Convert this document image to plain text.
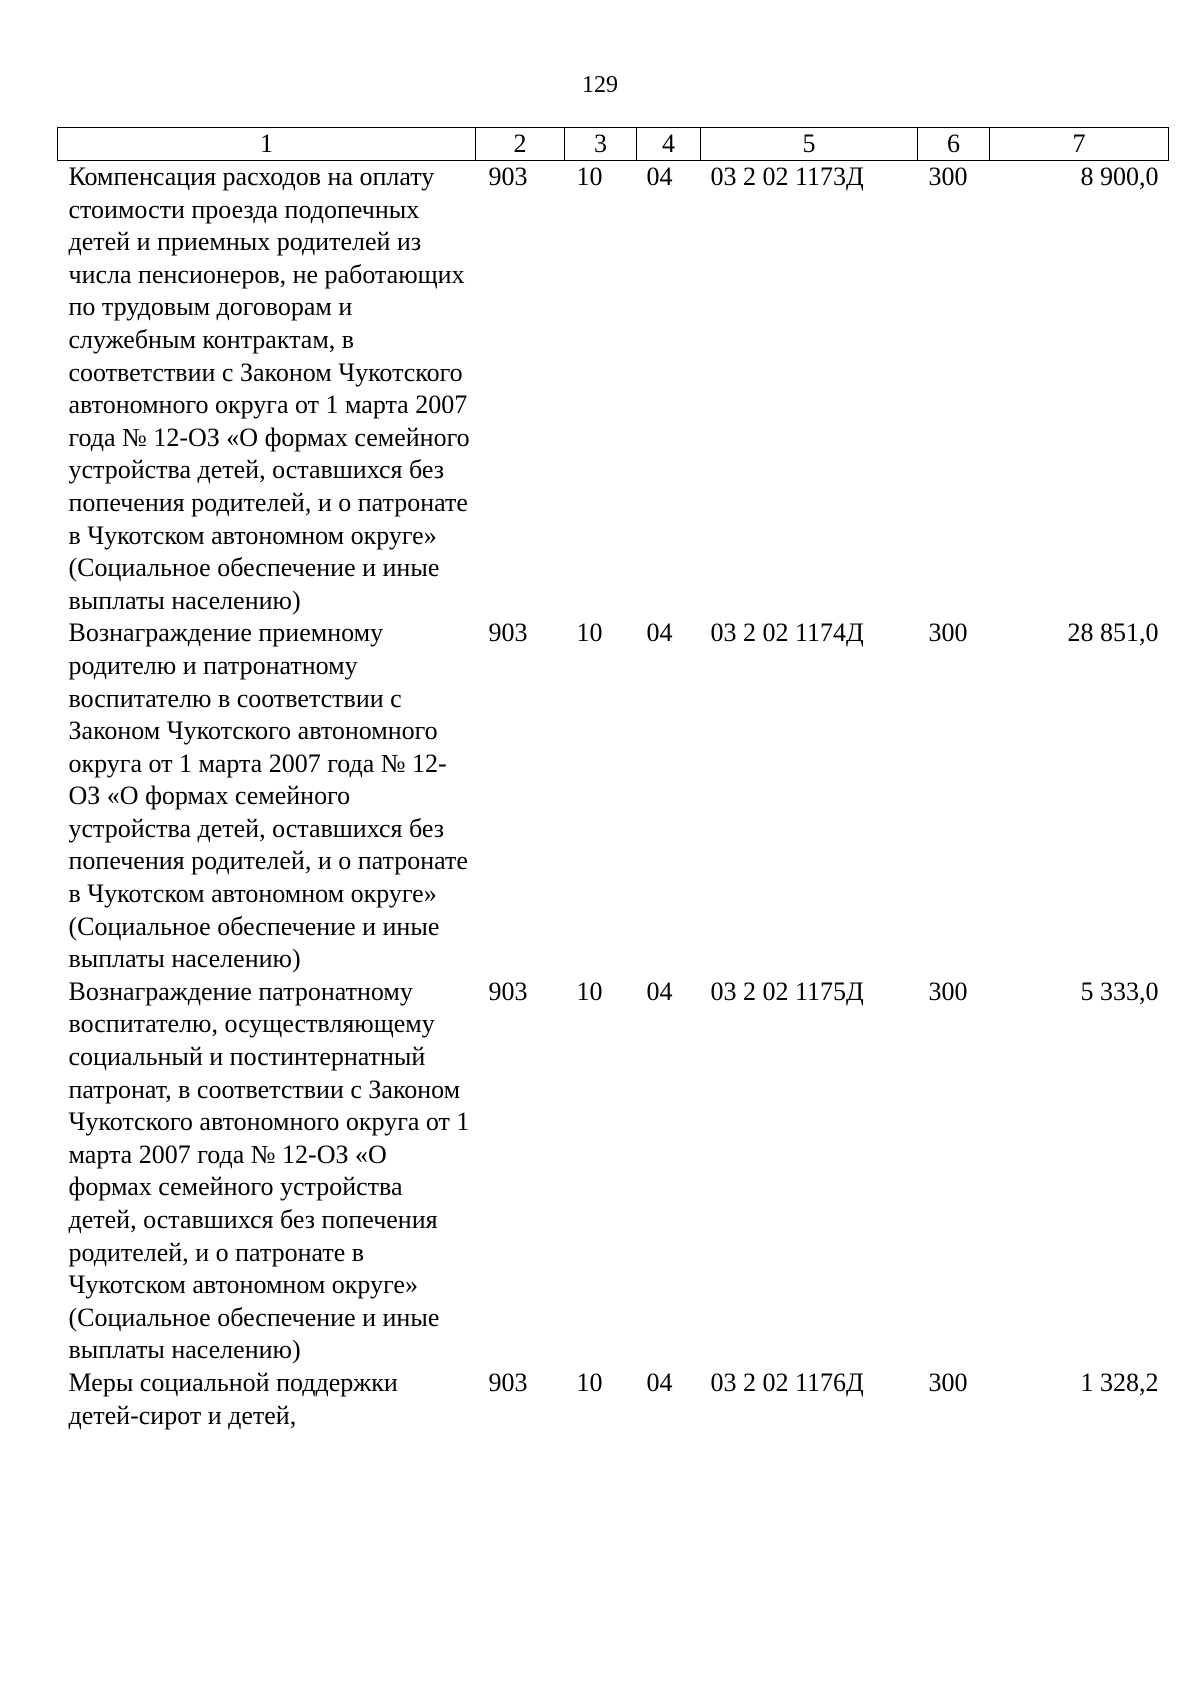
129
1	2	3	4	5	6	7
Компенсация расходов на оплату стоимости проезда подопечных детей и приемных родителей из числа пенсионеров, не работающих по трудовым договорам и служебным контрактам, в соответствии с Законом Чукотского автономного округа от 1 марта 2007 года № 12-ОЗ «О формах семейного устройства детей, оставшихся без попечения родителей, и о патронате в Чукотском автономном округе» (Социальное обеспечение и иные выплаты населению)	903	10	04	03 2 02 1173Д	300	8 900,0
Вознаграждение приемному родителю и патронатному воспитателю в соответствии с Законом Чукотского автономного округа от 1 марта 2007 года № 12-ОЗ «О формах семейного устройства детей, оставшихся без попечения родителей, и о патронате в Чукотском автономном округе» (Социальное обеспечение и иные выплаты населению)	903	10	04	03 2 02 1174Д	300	28 851,0
Вознаграждение патронатному воспитателю, осуществляющему социальный и постинтернатный патронат, в соответствии с Законом Чукотского автономного округа от 1 марта 2007 года № 12-ОЗ «О формах семейного устройства детей, оставшихся без попечения родителей, и о патронате в Чукотском автономном округе» (Социальное обеспечение и иные выплаты населению)	903	10	04	03 2 02 1175Д	300	5 333,0
Меры социальной поддержки детей-сирот и детей,	903	10	04	03 2 02 1176Д	300	1 328,2
